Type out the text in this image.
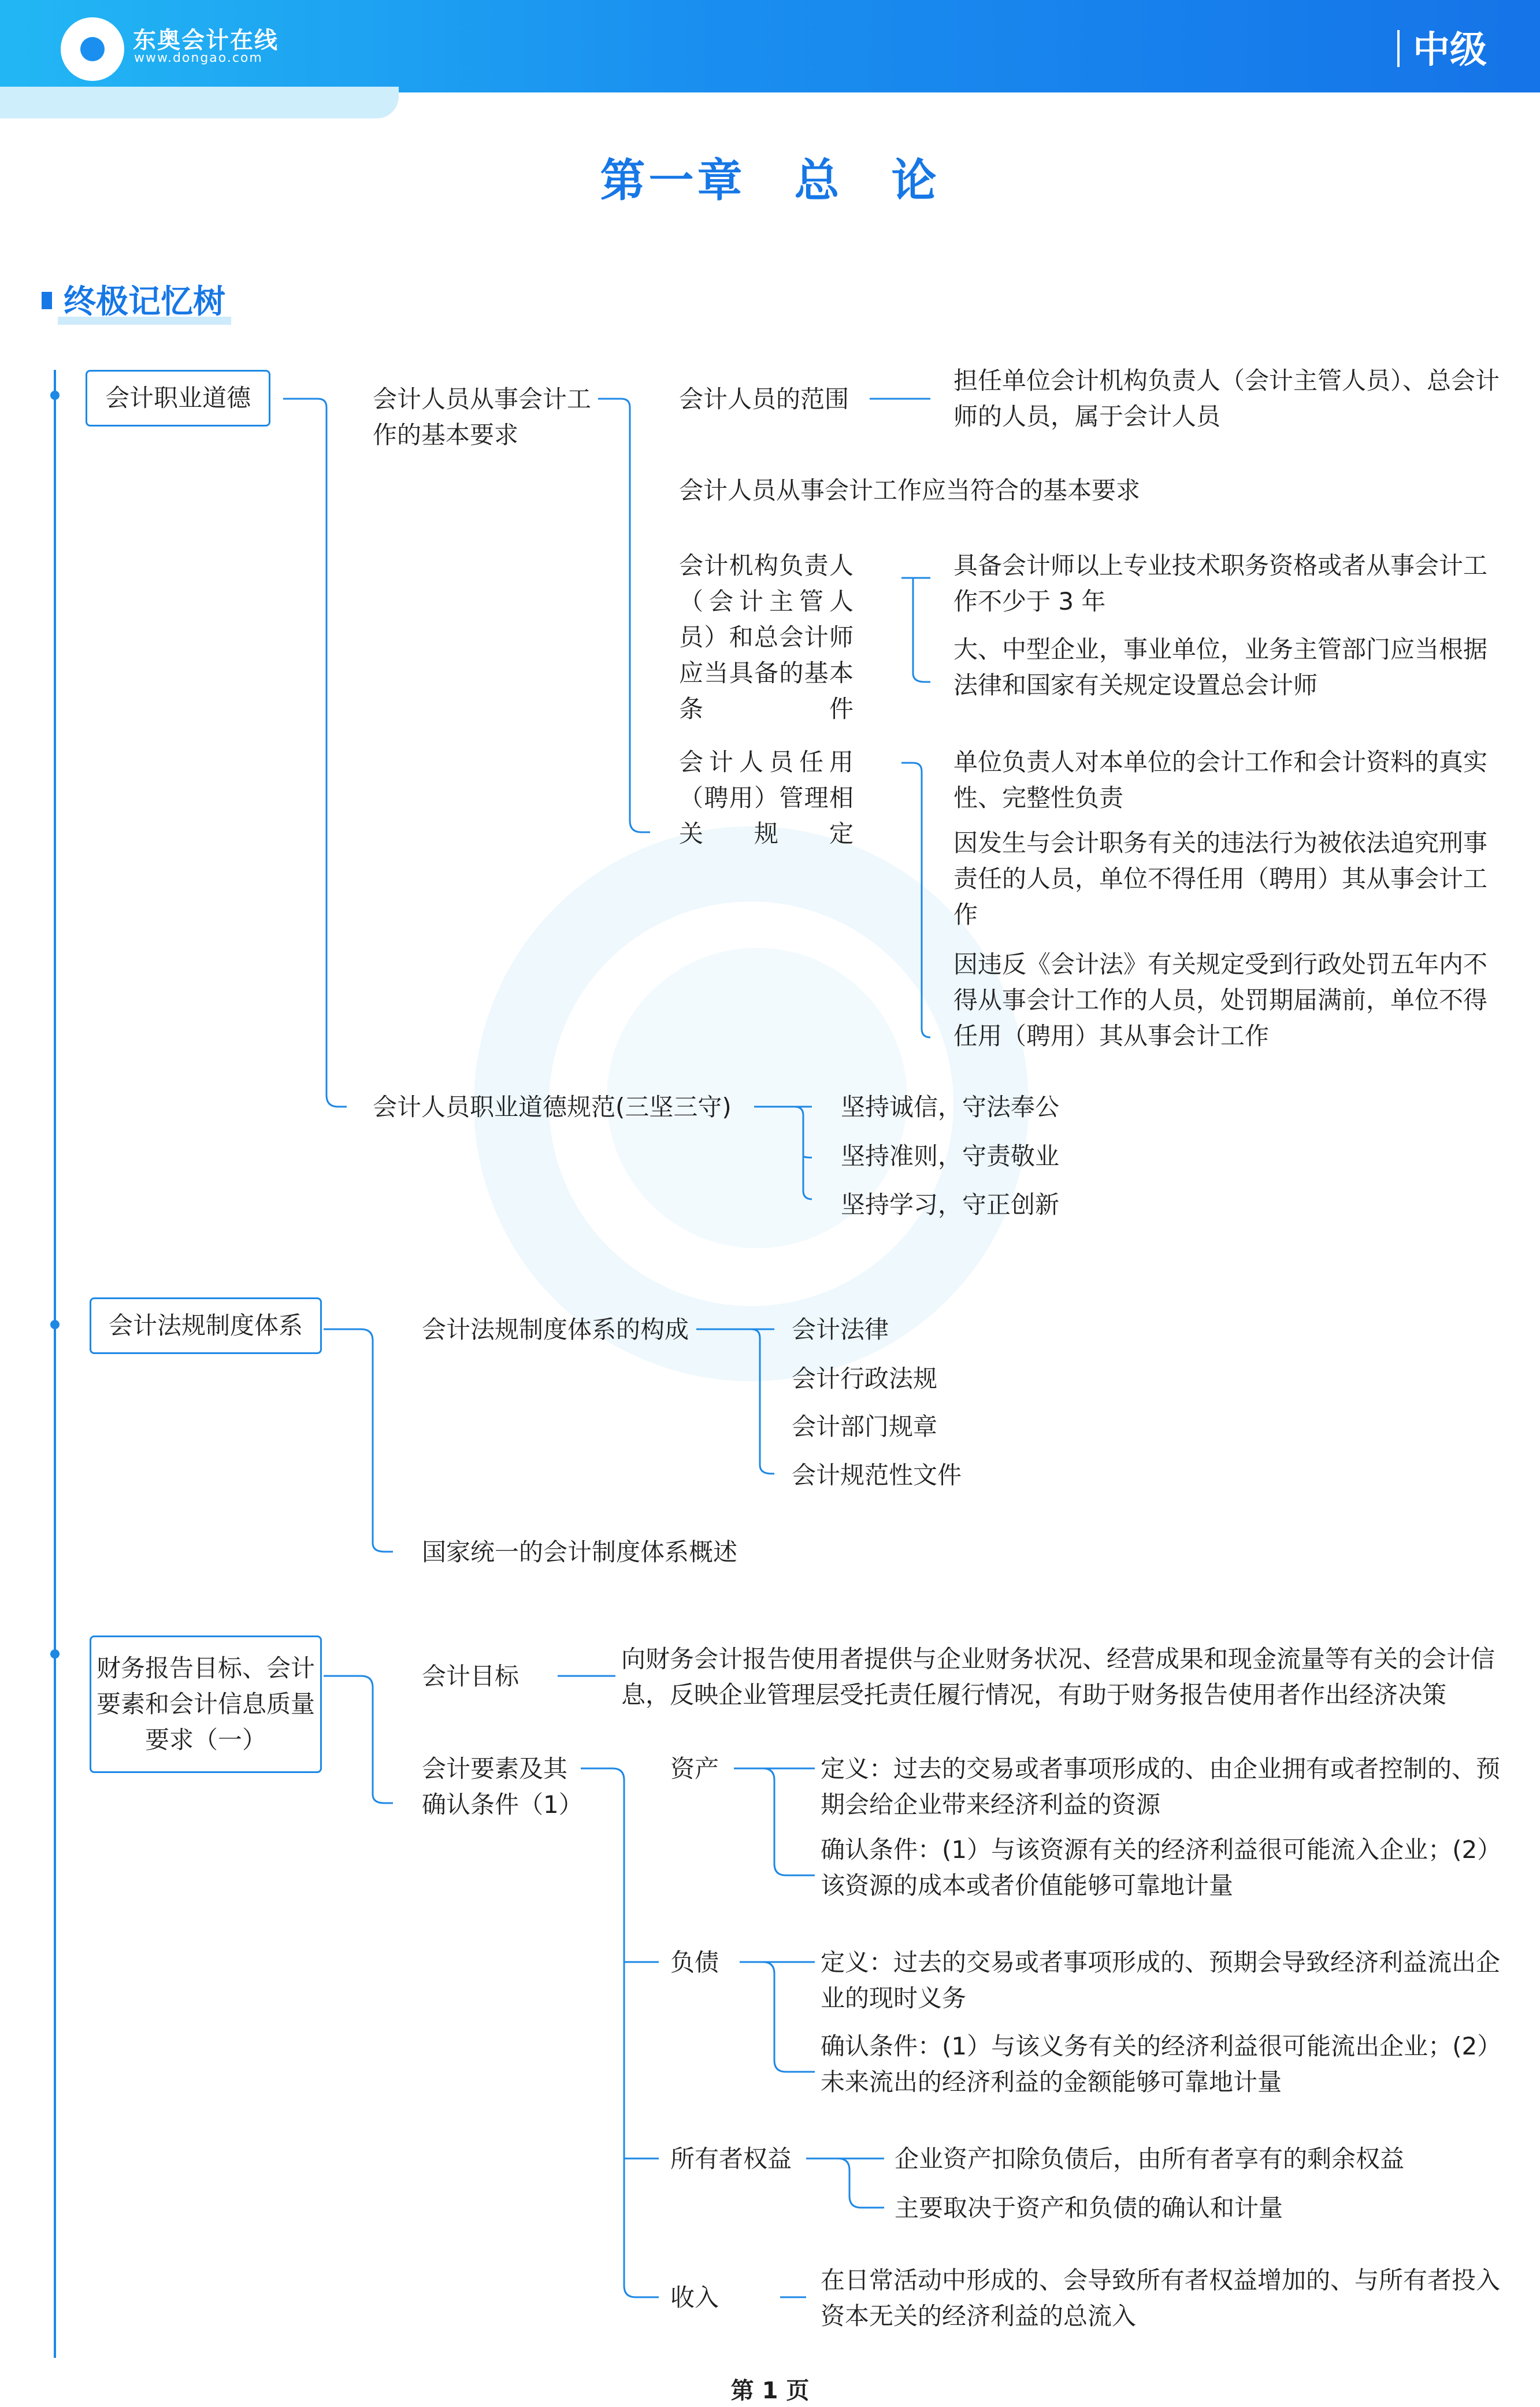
东奥会计在线
www.dongao.com	中级
第一章　总　论
终极记忆树
会计职业道德	会计人员从事会计工作的基本要求
会计人员的范围
担任单位会计机构负责人（会计主管人员）、总会计师的人员，属于会计人员
会计人员从事会计工作应当符合的基本要求
会计机构负责人（会计主管人员）和总会计师应当具备的基本条件
具备会计师以上专业技术职务资格或者从事会计工作不少于 3 年
大、中型企业，事业单位，业务主管部门应当根据法律和国家有关规定设置总会计师
会计人员任用（聘用）管理相关规定
单位负责人对本单位的会计工作和会计资料的真实性、完整性负责
因发生与会计职务有关的违法行为被依法追究刑事责任的人员，单位不得任用（聘用）其从事会计工作
因违反《会计法》有关规定受到行政处罚五年内不得从事会计工作的人员，处罚期届满前，单位不得任用（聘用）其从事会计工作
会计人员职业道德规范(三坚三守)	坚持诚信，守法奉公
坚持准则，守责敬业
坚持学习，守正创新
会计法规制度体系	会计法规制度体系的构成	会计法律
会计行政法规
会计部门规章
会计规范性文件
国家统一的会计制度体系概述
财务报告目标、会计要素和会计信息质量要求（一）
会计目标
向财务会计报告使用者提供与企业财务状况、经营成果和现金流量等有关的会计信息，反映企业管理层受托责任履行情况，有助于财务报告使用者作出经济决策
会计要素及其确认条件（1）
资产	定义：过去的交易或者事项形成的、由企业拥有或者控制的、预期会给企业带来经济利益的资源
确认条件：(1）与该资源有关的经济利益很可能流入企业；(2）该资源的成本或者价值能够可靠地计量
负债	定义：过去的交易或者事项形成的、预期会导致经济利益流出企业的现时义务
确认条件：(1）与该义务有关的经济利益很可能流出企业；(2）未来流出的经济利益的金额能够可靠地计量
所有者权益	企业资产扣除负债后，由所有者享有的剩余权益
主要取决于资产和负债的确认和计量
收入
在日常活动中形成的、会导致所有者权益增加的、与所有者投入资本无关的经济利益的总流入
第 1 页
